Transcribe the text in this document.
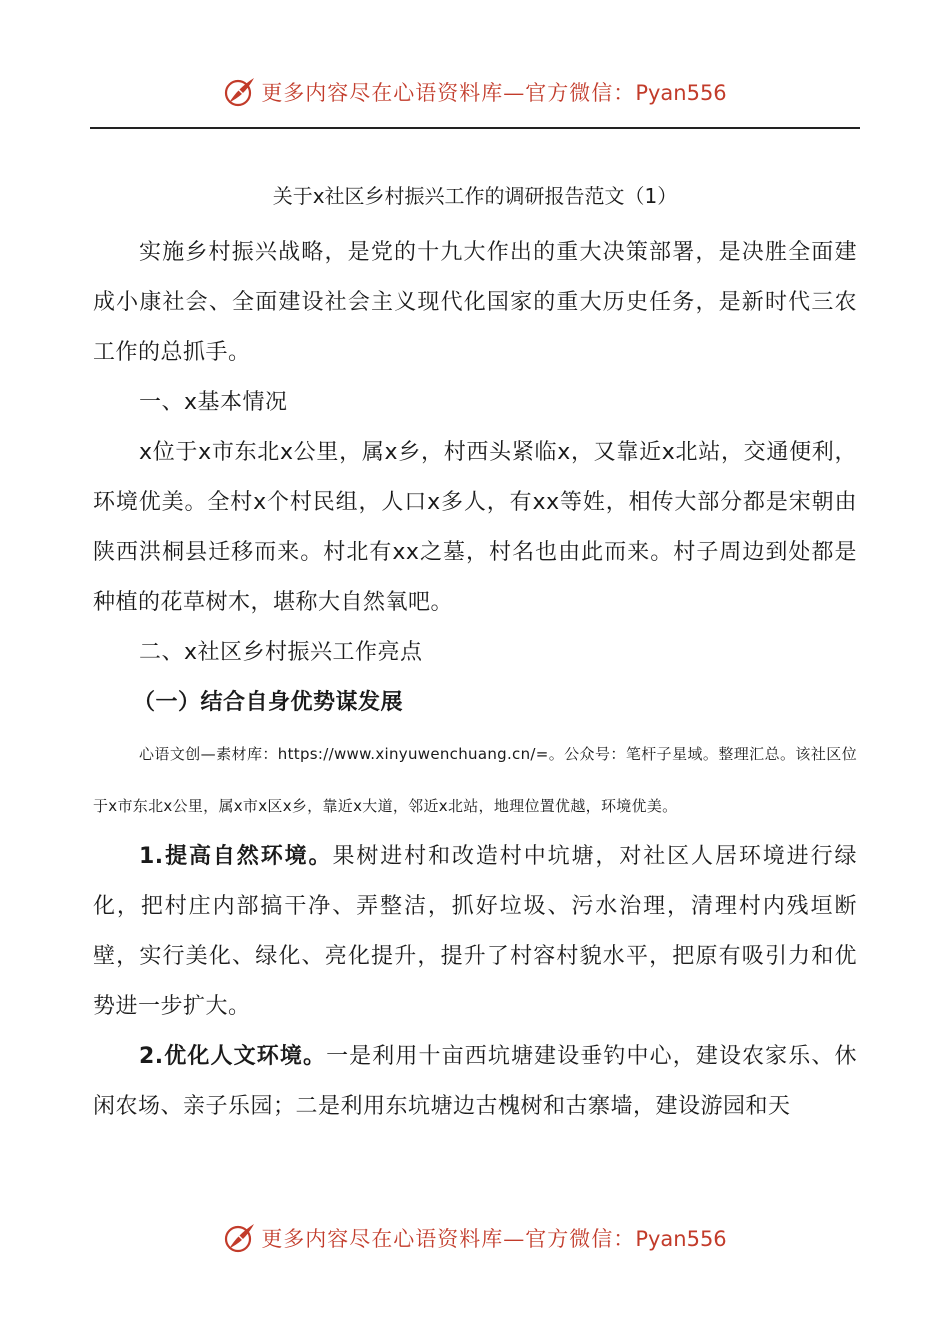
更多内容尽在心语资料库—官方微信：Pyan556

关于x社区乡村振兴工作的调研报告范文（1）

实施乡村振兴战略，是党的十九大作出的重大决策部署，是决胜全面建成小康社会、全面建设社会主义现代化国家的重大历史任务，是新时代三农工作的总抓手。

一、x基本情况

x位于x市东北x公里，属x乡，村西头紧临x，又靠近x北站，交通便利，环境优美。全村x个村民组，人口x多人，有xx等姓，相传大部分都是宋朝由陕西洪桐县迁移而来。村北有xx之墓，村名也由此而来。村子周边到处都是种植的花草树木，堪称大自然氧吧。

二、x社区乡村振兴工作亮点

（一）结合自身优势谋发展

心语文创—素材库：https://www.xinyuwenchuang.cn/=。公众号：笔杆子星域。整理汇总。该社区位于x市东北x公里，属x市x区x乡，靠近x大道，邻近x北站，地理位置优越，环境优美。

1.提高自然环境。果树进村和改造村中坑塘，对社区人居环境进行绿化，把村庄内部搞干净、弄整洁，抓好垃圾、污水治理，清理村内残垣断壁，实行美化、绿化、亮化提升，提升了村容村貌水平，把原有吸引力和优势进一步扩大。

2.优化人文环境。一是利用十亩西坑塘建设垂钓中心，建设农家乐、休闲农场、亲子乐园；二是利用东坑塘边古槐树和古寨墙，建设游园和天

更多内容尽在心语资料库—官方微信：Pyan556
